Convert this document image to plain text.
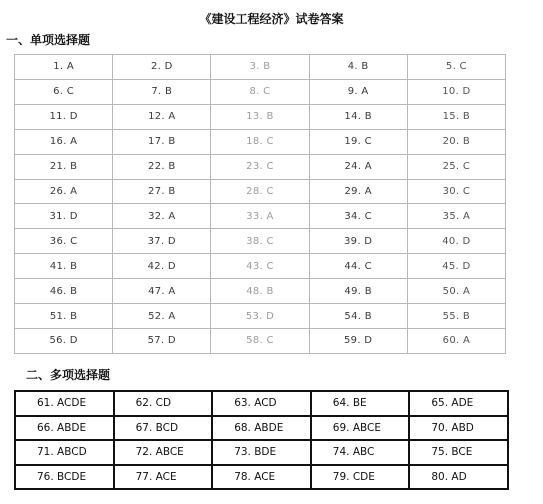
《建设工程经济》试卷答案
一、单项选择题
1. A	2. D	3. B	4. B	5. C
6. C	7. B	8. C	9. A	10. D
11. D	12. A	13. B	14. B	15. B
16. A	17. B	18. C	19. C	20. B
21. B	22. B	23. C	24. A	25. C
26. A	27. B	28. C	29. A	30. C
31. D	32. A	33. A	34. C	35. A
36. C	37. D	38. C	39. D	40. D
41. B	42. D	43. C	44. C	45. D
46. B	47. A	48. B	49. B	50. A
51. B	52. A	53. D	54. B	55. B
56. D	57. D	58. C	59. D	60. A
二、多项选择题
61. ACDE	62. CD	63. ACD	64. BE	65. ADE
66. ABDE	67. BCD	68. ABDE	69. ABCE	70. ABD
71. ABCD	72. ABCE	73. BDE	74. ABC	75. BCE
76. BCDE	77. ACE	78. ACE	79. CDE	80. AD
